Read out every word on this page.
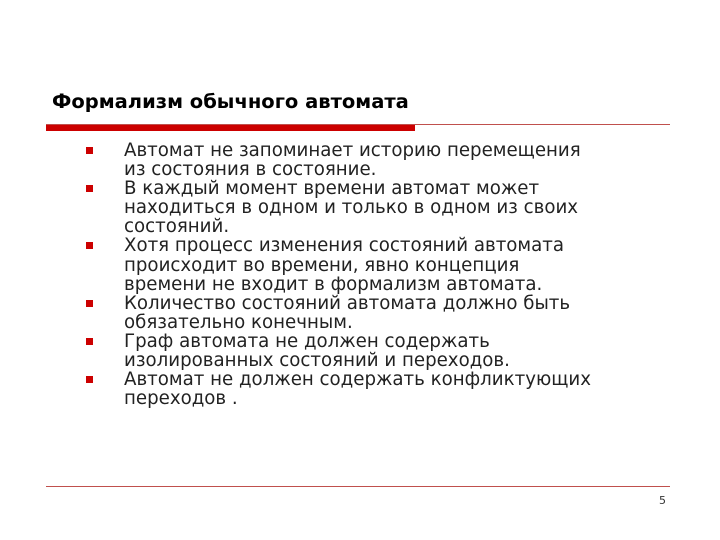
Формализм обычного автомата
Автомат не запоминает историю перемещения
из состояния в состояние.
В каждый момент времени автомат может
находиться в одном и только в одном из своих
состояний.
Хотя процесс изменения состояний автомата
происходит во времени, явно концепция
времени не входит в формализм автомата.
Количество состояний автомата должно быть
обязательно конечным.
Граф автомата не должен содержать
изолированных состояний и переходов.
Автомат не должен содержать конфликтующих
переходов .
5
